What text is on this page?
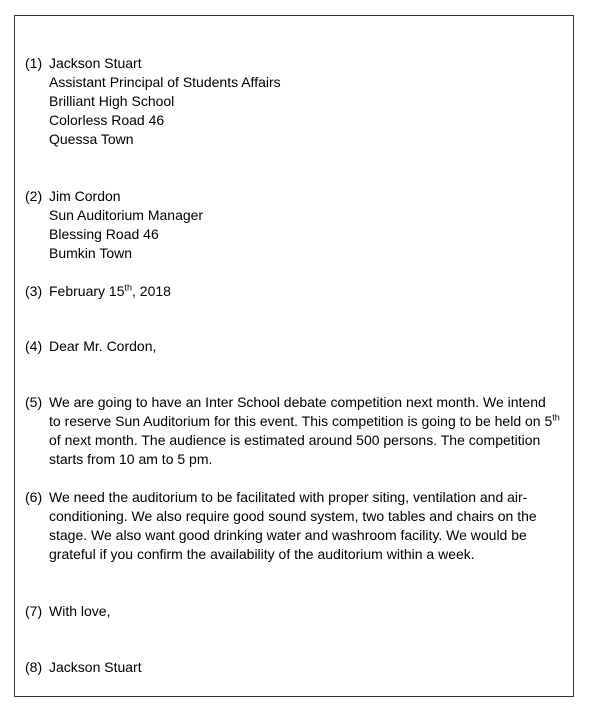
(1) Jackson Stuart
Assistant Principal of Students Affairs
Brilliant High School
Colorless Road 46
Quessa Town
(2) Jim Cordon
Sun Auditorium Manager
Blessing Road 46
Bumkin Town
(3) February 15th, 2018
(4) Dear Mr. Cordon,
(5) We are going to have an Inter School debate competition next month. We intend to reserve Sun Auditorium for this event. This competition is going to be held on 5th of next month. The audience is estimated around 500 persons. The competition starts from 10 am to 5 pm.
(6) We need the auditorium to be facilitated with proper siting, ventilation and air-conditioning. We also require good sound system, two tables and chairs on the stage. We also want good drinking water and washroom facility. We would be grateful if you confirm the availability of the auditorium within a week.
(7) With love,
(8) Jackson Stuart
